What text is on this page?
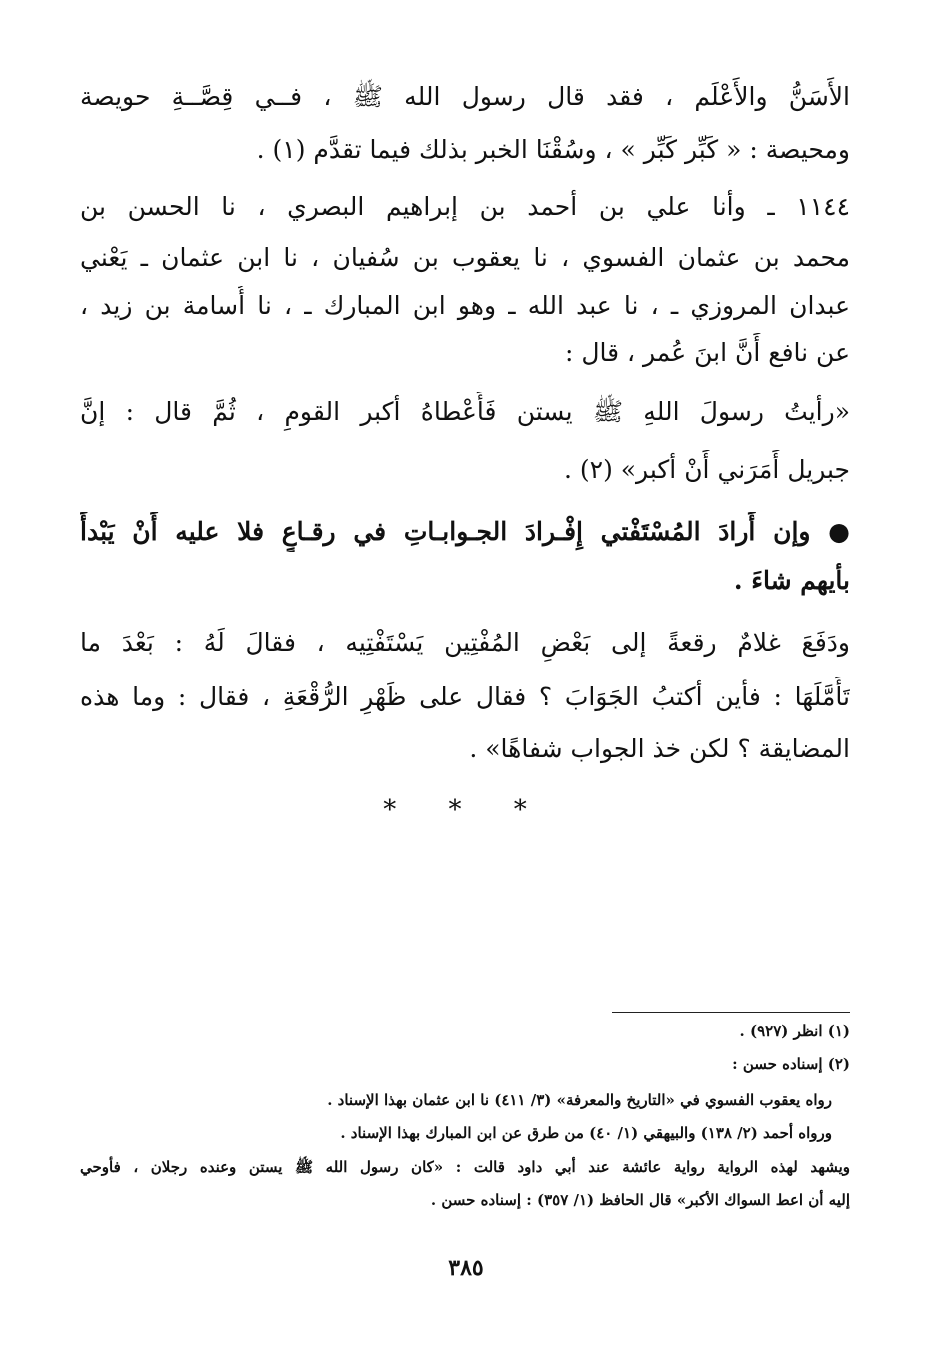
الأَسَنُّ والأَعْلَم ، فقد قال رسول الله ﷺ ، فــي قِصَّــةِ حويصة
ومحيصة : « كَبِّر كَبِّر » ، وسُقْنَا الخبر بذلك فيما تقدَّم (١) .
١١٤٤ ـ وأنا علي بن أحمد بن إبراهيم البصري ، نا الحسن بن
محمد بن عثمان الفسوي ، نا يعقوب بن سُفيان ، نا ابن عثمان ـ يَعْني
عبدان المروزي ـ ، نا عبد الله ـ وهو ابن المبارك ـ ، نا أُسامة بن زيد ،
عن نافع أَنَّ ابنَ عُمر ، قال :
«رأيتُ رسولَ اللهِ ﷺ يستن فَأَعْطاهُ أكبر القومِ ، ثُمَّ قال : إنَّ
جبريل أَمَرَني أَنْ أكبر» (٢) .
● وإن أَرادَ المُسْتَفْتي إِفْـرادَ الجـوابـاتِ في رقـاعٍ فلا عليه أَنْ يَبْدأَ
بأيهم شاءَ .
ودَفَعَ غلامٌ رقعةً إلى بَعْضِ المُفْتِين يَسْتَفْتِيه ، فقالَ لَهُ : بَعْدَ ما
تَأَمَّلَهَا : فأين أكتبُ الجَوَابَ ؟ فقال على ظَهْرِ الرُّقْعَةِ ، فقال : وما هذه
المضايقة ؟ لكن خذ الجواب شفاهًا» .
* * *
(١) انظر (٩٢٧) .
(٢) إسناده حسن :
رواه يعقوب الفسوي في «التاريخ والمعرفة» (٣/ ٤١١) نا ابن عثمان بهذا الإسناد .
ورواه أحمد (٢/ ١٣٨) والبيهقي (١/ ٤٠) من طرق عن ابن المبارك بهذا الإسناد .
ويشهد لهذه الرواية رواية عائشة عند أبي داود قالت : «كان رسول الله ﷺ يستن وعنده رجلان ، فأوحي
إليه أن اعط السواك الأكبر» قال الحافظ (١/ ٣٥٧) : إسناده حسن .
٣٨٥
